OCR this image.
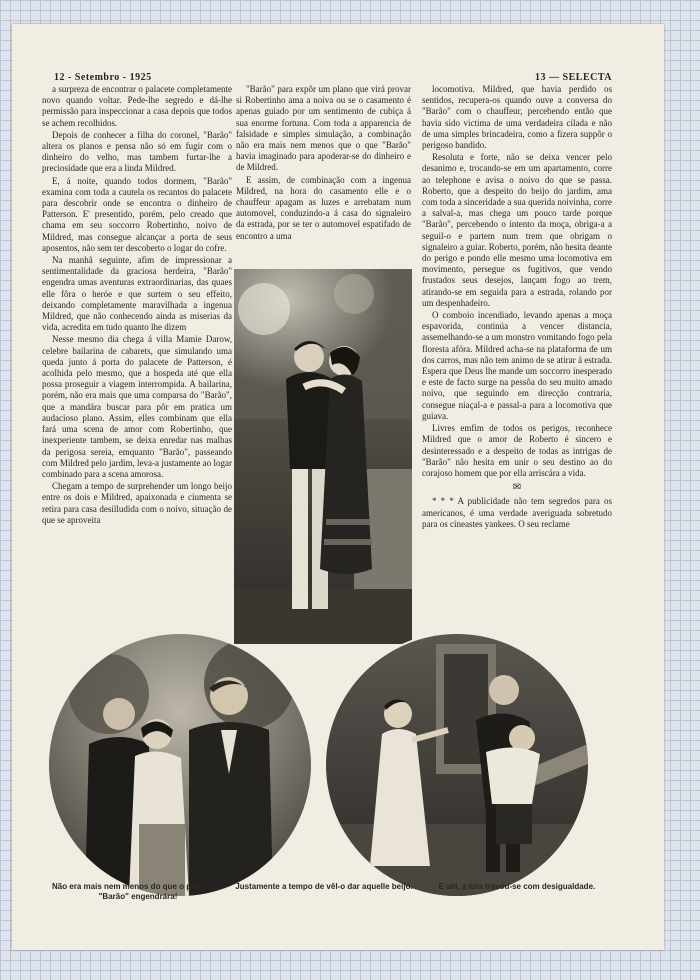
12 - Setembro - 1925	13 — SELECTA

a surpreza de encontrar o palacete completamente novo quando voltar. Pede-lhe segredo e dá-lhe permissão para inspeccionar a casa depois que todos se achem recolhidos.

Depois de conhecer a filha do coronel, "Barão" altera os planos e pensa não só em fugir com o dinheiro do velho, mas tambem furtar-lhe a preciosidade que era a linda Mildred.

E, á noite, quando todos dormem, "Barão" examina com toda a cautela os recantos do palacete para descobrir onde se encontra o dinheiro de Patterson. E' presentido, porém, pelo creado que chama em seu soccorro Robertinho, noivo de Mildred, mas consegue alcançar a porta de seus aposentos, não sem ter descoberto o logar do cofre.

Na manhã seguinte, afim de impressionar a sentimentalidade da graciosa herdeira, "Barão" engendra umas aventuras extraordinarias, das quaes elle fôra o heróe e que surtem o seu effeito, deixando completamente maravilhada a ingenua Mildred, que não conhecendo ainda as miserias da vida, acredita em tudo quanto lhe dizem

Nesse mesmo dia chega á villa Mamie Darow, celebre bailarina de cabarets, que simulando uma queda junto á porta do palacete de Patterson, é acolhida pelo mesmo, que a hospeda até que ella possa proseguir a viagem interrompida. A bailarina, porém, não era mais que uma comparsa do "Barão", que a mandára buscar para pôr em pratica um audacioso plano. Assim, elles combinam que ella fará uma scena de amor com Robertinho, que inexperiente tambem, se deixa enredar nas malhas da perigosa sereia, emquanto "Barão", passeando com Mildred pelo jardim, leva-a justamente ao logar combinado para a scena amorosa.

Chegam a tempo de surprehender um longo beijo entre os dois e Mildred, apaixonada e ciumenta se retira para casa desilludida com o noivo, situação de que se aproveita

"Barão" para expôr um plano que virá provar si Robertinho ama a noiva ou se o casamento é apenas guiado por um sentimento de cubiça á sua enorme fortuna. Com toda a apparencia de falsidade e simples simulação, a combinação não era mais nem menos que o que "Barão" havia imaginado para apoderar-se do dinheiro e de Mildred.

E assim, de combinação com a ingenua Mildred, na hora do casamento elle e o chauffeur apagam as luzes e arrebatam num automovel, conduzindo-a á casa do signaleiro da estrada, por se ter o automovel espatifado de encontro a uma

locomotiva. Mildred, que havia perdido os sentidos, recupera-os quando ouve a conversa do "Barão" com o chauffeur, percebendo então que havia sido victima de uma verdadeira cilada e não de uma simples brincadeira, como a fizera suppôr o perigoso bandido.

Resoluta e forte, não se deixa vencer pelo desanimo e, trocando-se em um apartamento, corre ao telephone e avisa o noivo do que se passa. Roberto, que a despeito do beijo do jardim, ama com toda a sinceridade a sua querida noivinha, corre a salval-a, mas chega um pouco tarde porque "Barão", percebendo o intento da moça, obriga-a a seguil-o e partem num trem que obrigam o signaleiro a guiar. Roberto, porém, não hesita deante do perigo e pondo elle mesmo uma locomotiva em movimento, persegue os fugitivos, que vendo frustados seus desejos, lançam fogo ao trem, atirando-se em seguida para a estrada, rolando por um despenhadeiro.

O comboio incendiado, levando apenas a moça espavorida, continúa a vencer distancia, assemelhando-se a um monstro vomitando fogo pela floresta afóra. Mildred acha-se na plataforma de um dos carros, mas não tem animo de se atirar á estrada. Espera que Deus lhe mande um soccorro inesperado e este de facto surge na pessôa do seu muito amado noivo, que seguindo em direcção contraria, consegue niaçal-a e passal-a para a locomotiva que guiava.

Livres emfim de todos os perigos, reconhece Mildred que o amor de Roberto é sincero e desinteressado e a despeito de todas as intrigas de "Barão" não hesita em unir o seu destino ao do corajoso homem que por ella arriscára a vida.

✉

* * * A publicidade não tem segredos para os americanos, é uma verdade averiguada sobretudo para os cineastes yankees. O seu reclame

Não era mais nem menos do que o plano que "Barão" engendrára!
Justamente a tempo de vêl-o dar aquelle beijo.	E alli, a luta travou-se com desigualdade.
